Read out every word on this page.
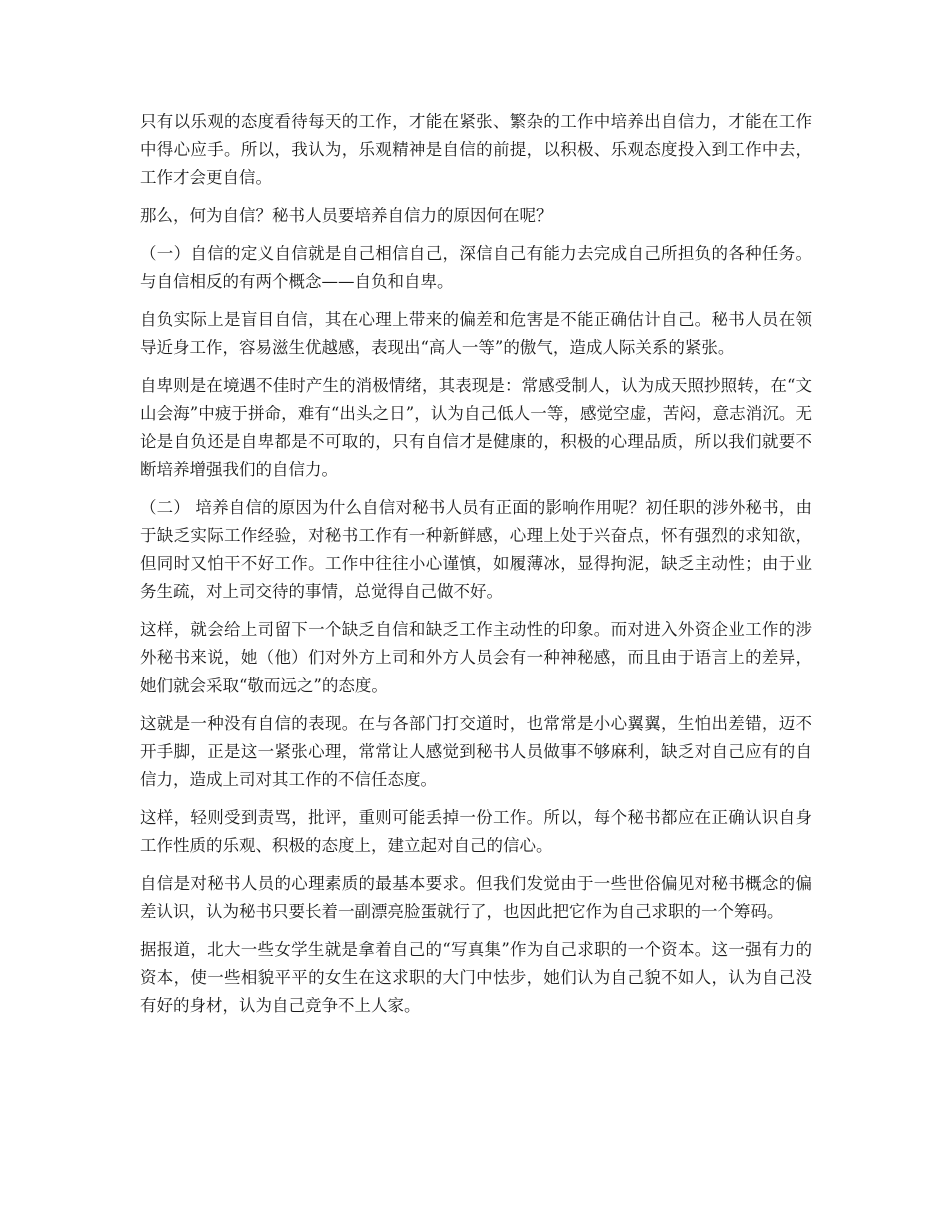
只有以乐观的态度看待每天的工作，才能在紧张、繁杂的工作中培养出自信力，才能在工作中得心应手。所以，我认为，乐观精神是自信的前提，以积极、乐观态度投入到工作中去，工作才会更自信。

那么，何为自信？秘书人员要培养自信力的原因何在呢？

（一）自信的定义自信就是自己相信自己，深信自己有能力去完成自己所担负的各种任务。与自信相反的有两个概念——自负和自卑。

自负实际上是盲目自信，其在心理上带来的偏差和危害是不能正确估计自己。秘书人员在领导近身工作，容易滋生优越感，表现出“高人一等”的傲气，造成人际关系的紧张。

自卑则是在境遇不佳时产生的消极情绪，其表现是：常感受制人，认为成天照抄照转，在“文山会海”中疲于拼命，难有“出头之日”，认为自己低人一等，感觉空虚，苦闷，意志消沉。无论是自负还是自卑都是不可取的，只有自信才是健康的，积极的心理品质，所以我们就要不断培养增强我们的自信力。

（二） 培养自信的原因为什么自信对秘书人员有正面的影响作用呢？初任职的涉外秘书，由于缺乏实际工作经验，对秘书工作有一种新鲜感，心理上处于兴奋点，怀有强烈的求知欲，但同时又怕干不好工作。工作中往往小心谨慎，如履薄冰，显得拘泥，缺乏主动性；由于业务生疏，对上司交待的事情，总觉得自己做不好。

这样，就会给上司留下一个缺乏自信和缺乏工作主动性的印象。而对进入外资企业工作的涉外秘书来说，她（他）们对外方上司和外方人员会有一种神秘感，而且由于语言上的差异，她们就会采取“敬而远之”的态度。

这就是一种没有自信的表现。在与各部门打交道时，也常常是小心翼翼，生怕出差错，迈不开手脚，正是这一紧张心理，常常让人感觉到秘书人员做事不够麻利，缺乏对自己应有的自信力，造成上司对其工作的不信任态度。

这样，轻则受到责骂，批评，重则可能丢掉一份工作。所以，每个秘书都应在正确认识自身工作性质的乐观、积极的态度上，建立起对自己的信心。

自信是对秘书人员的心理素质的最基本要求。但我们发觉由于一些世俗偏见对秘书概念的偏差认识，认为秘书只要长着一副漂亮脸蛋就行了，也因此把它作为自己求职的一个筹码。

据报道，北大一些女学生就是拿着自己的“写真集”作为自己求职的一个资本。这一强有力的资本，使一些相貌平平的女生在这求职的大门中怯步，她们认为自己貌不如人，认为自己没有好的身材，认为自己竞争不上人家。
